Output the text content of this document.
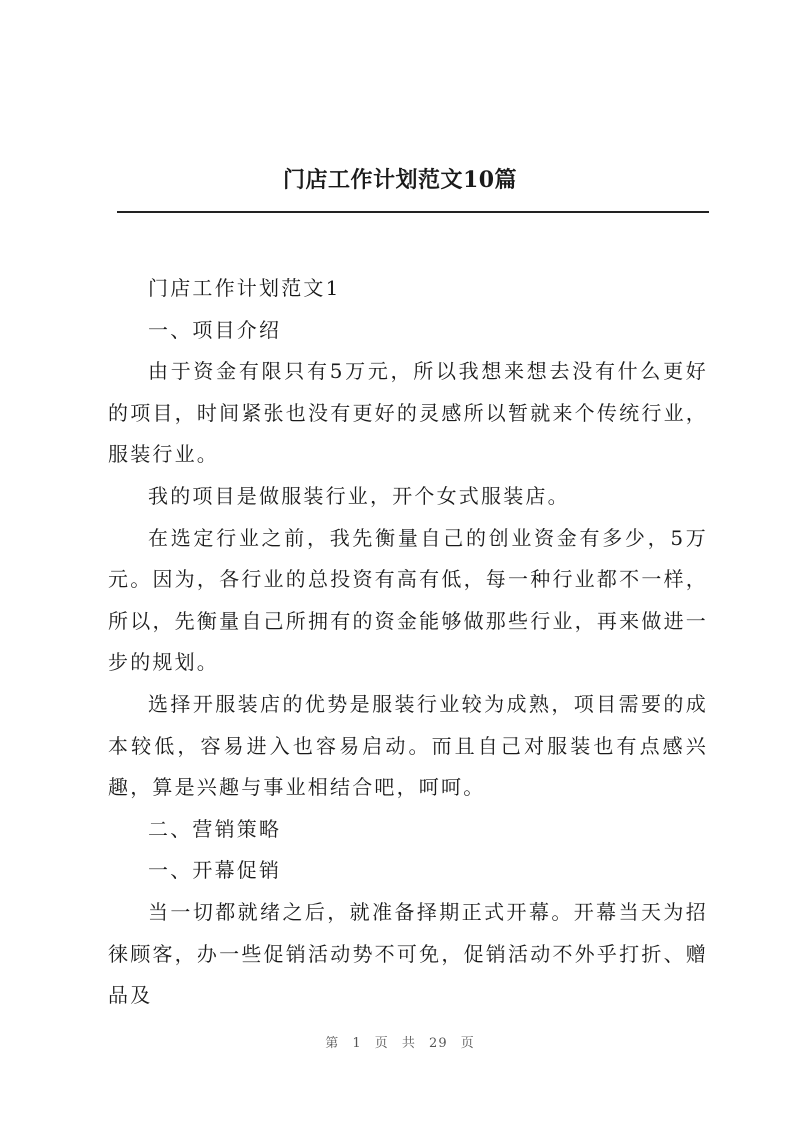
门店工作计划范文10篇

门店工作计划范文1

一、项目介绍

由于资金有限只有5万元，所以我想来想去没有什么更好的项目，时间紧张也没有更好的灵感所以暂就来个传统行业，服装行业。

我的项目是做服装行业，开个女式服装店。

在选定行业之前，我先衡量自己的创业资金有多少，5万元。因为，各行业的总投资有高有低，每一种行业都不一样，所以，先衡量自己所拥有的资金能够做那些行业，再来做进一步的规划。

选择开服装店的优势是服装行业较为成熟，项目需要的成本较低，容易进入也容易启动。而且自己对服装也有点感兴趣，算是兴趣与事业相结合吧，呵呵。

二、营销策略

一、开幕促销

当一切都就绪之后，就准备择期正式开幕。开幕当天为招徕顾客，办一些促销活动势不可免，促销活动不外乎打折、赠品及

第 1 页 共 29 页
